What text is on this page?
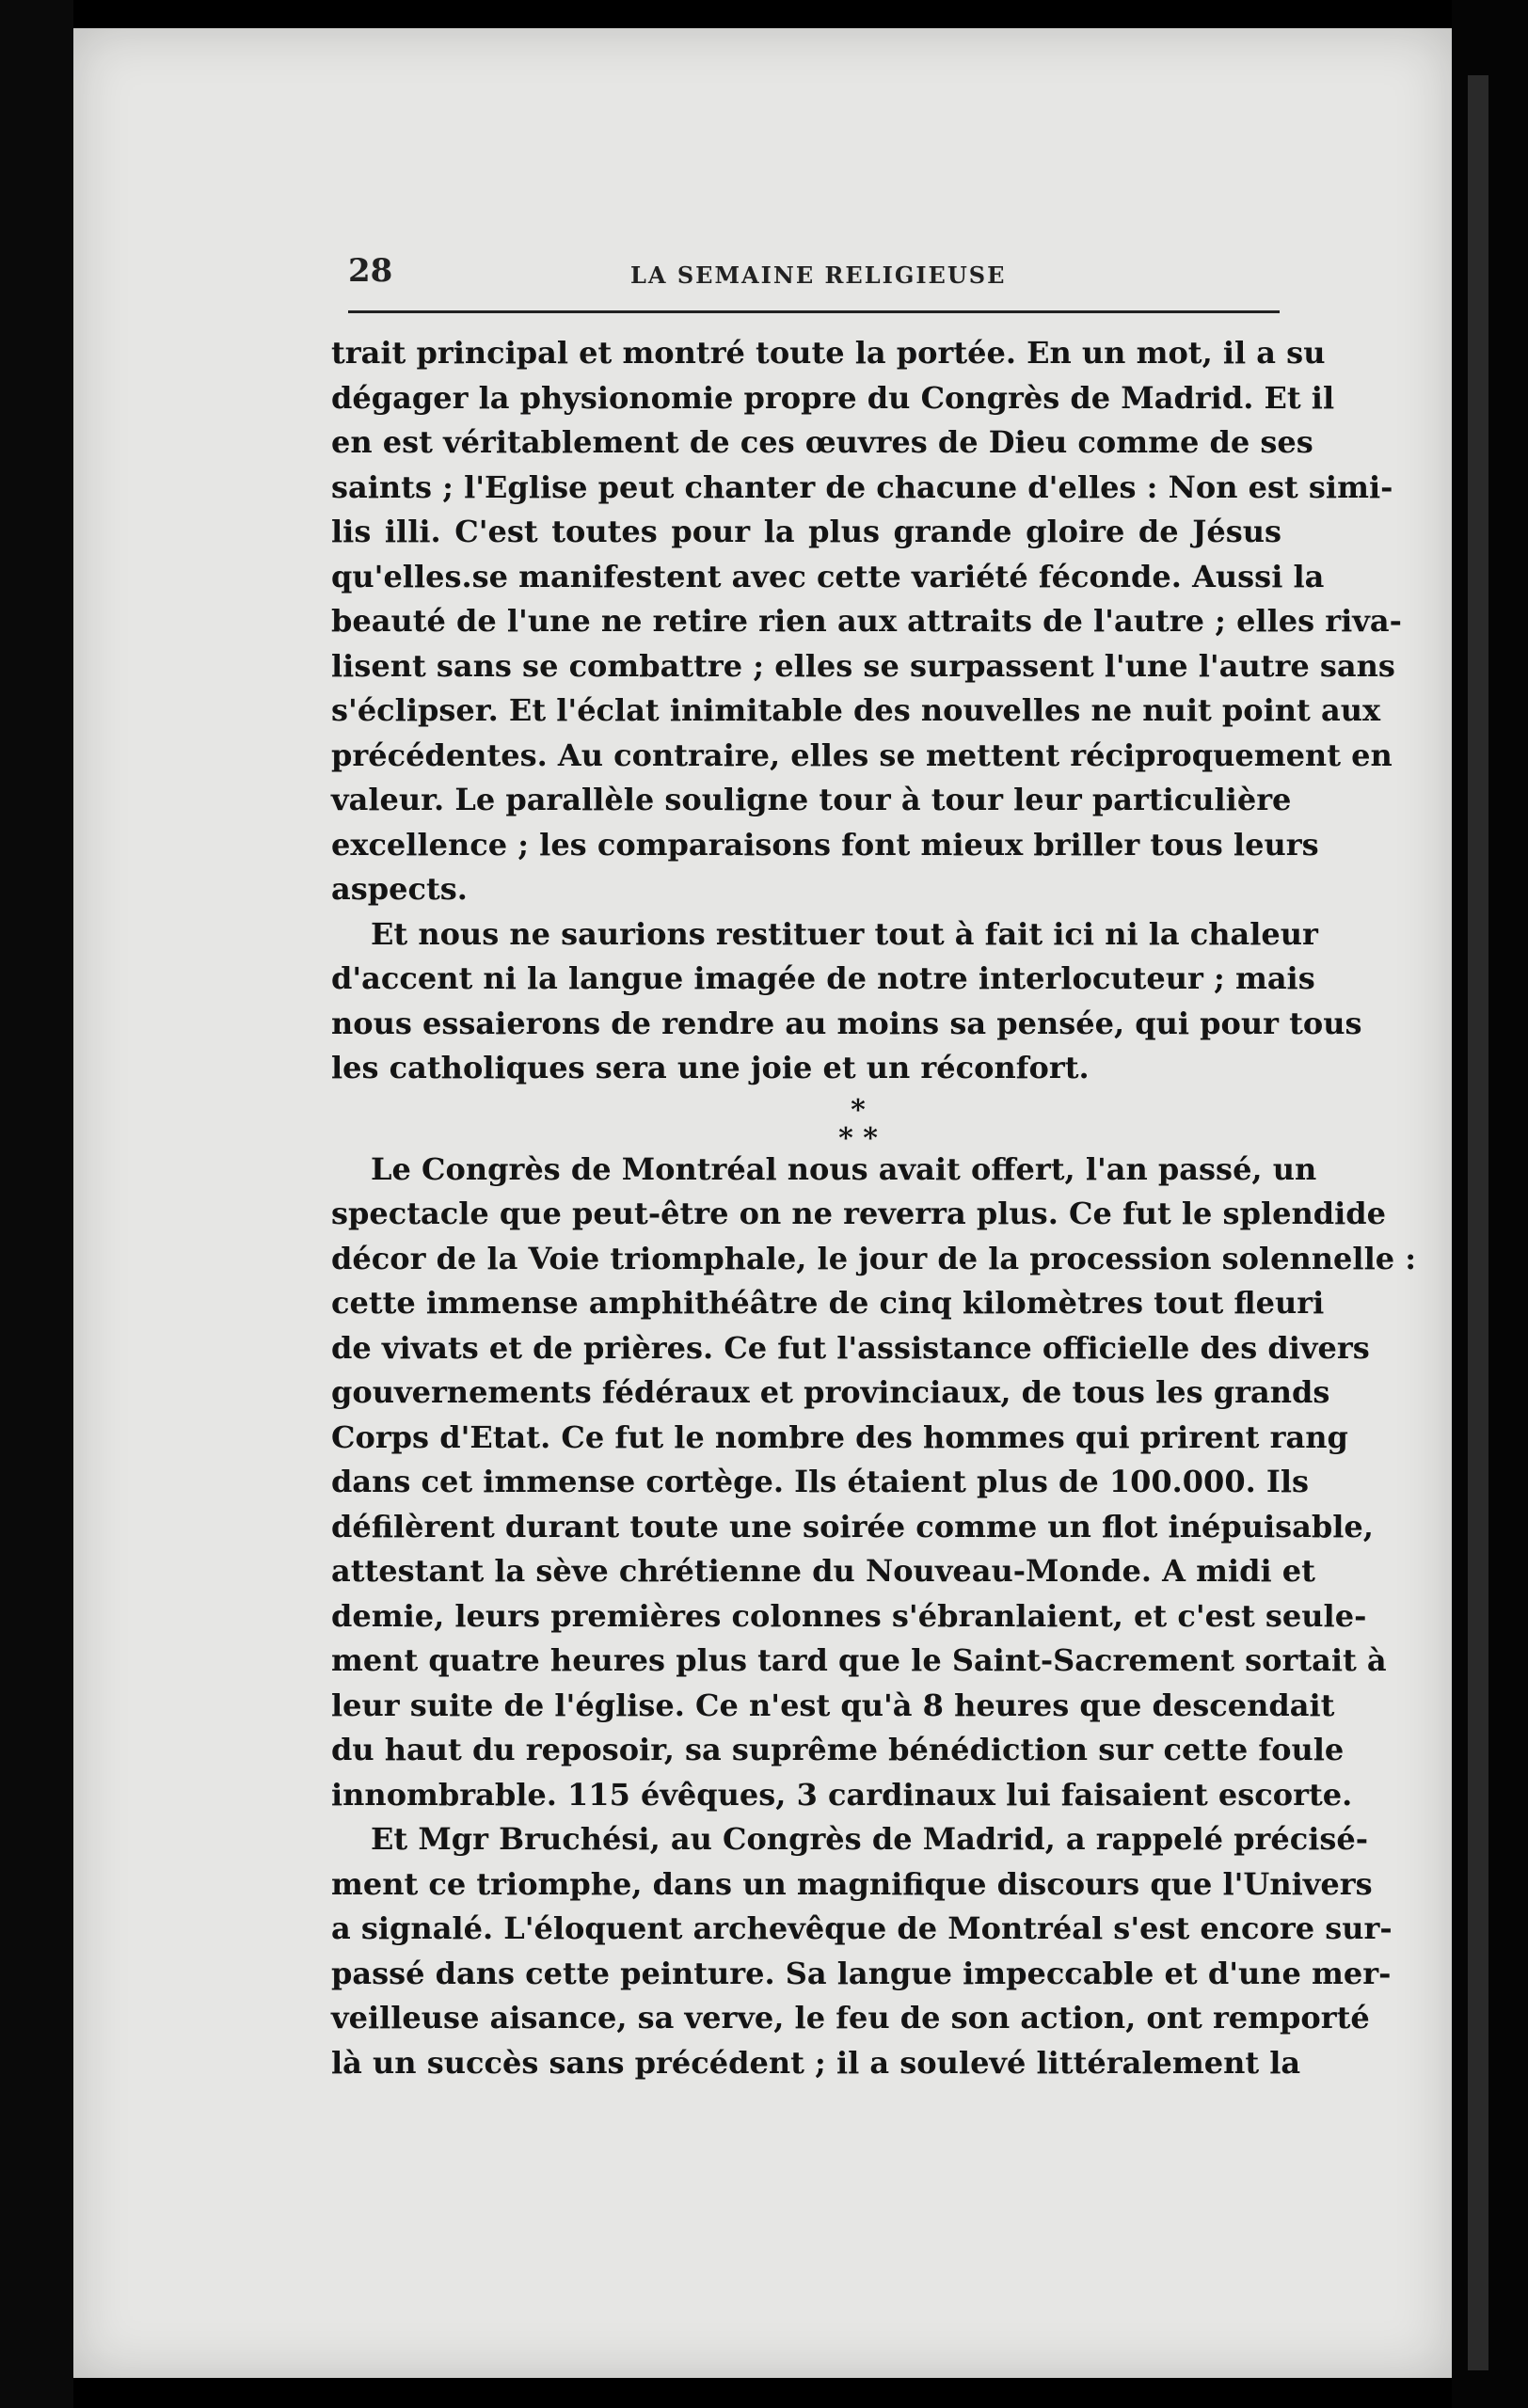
28	LA SEMAINE RELIGIEUSE
trait principal et montré toute la portée. En un mot, il a su
dégager la physionomie propre du Congrès de Madrid. Et il
en est véritablement de ces œuvres de Dieu comme de ses
saints ; l'Eglise peut chanter de chacune d'elles : Non est simi-
lis illi. C'est toutes pour la plus grande gloire de Jésus
qu'elles.se manifestent avec cette variété féconde. Aussi la
beauté de l'une ne retire rien aux attraits de l'autre ; elles riva-
lisent sans se combattre ; elles se surpassent l'une l'autre sans
s'éclipser. Et l'éclat inimitable des nouvelles ne nuit point aux
précédentes. Au contraire, elles se mettent réciproquement en
valeur. Le parallèle souligne tour à tour leur particulière
excellence ; les comparaisons font mieux briller tous leurs
aspects.
Et nous ne saurions restituer tout à fait ici ni la chaleur
d'accent ni la langue imagée de notre interlocuteur ; mais
nous essaierons de rendre au moins sa pensée, qui pour tous
les catholiques sera une joie et un réconfort.
*
* *
Le Congrès de Montréal nous avait offert, l'an passé, un
spectacle que peut-être on ne reverra plus. Ce fut le splendide
décor de la Voie triomphale, le jour de la procession solennelle :
cette immense amphithéâtre de cinq kilomètres tout fleuri
de vivats et de prières. Ce fut l'assistance officielle des divers
gouvernements fédéraux et provinciaux, de tous les grands
Corps d'Etat. Ce fut le nombre des hommes qui prirent rang
dans cet immense cortège. Ils étaient plus de 100.000. Ils
défilèrent durant toute une soirée comme un flot inépuisable,
attestant la sève chrétienne du Nouveau-Monde. A midi et
demie, leurs premières colonnes s'ébranlaient, et c'est seule-
ment quatre heures plus tard que le Saint-Sacrement sortait à
leur suite de l'église. Ce n'est qu'à 8 heures que descendait
du haut du reposoir, sa suprême bénédiction sur cette foule
innombrable. 115 évêques, 3 cardinaux lui faisaient escorte.
Et Mgr Bruchési, au Congrès de Madrid, a rappelé précisé-
ment ce triomphe, dans un magnifique discours que l'Univers
a signalé. L'éloquent archevêque de Montréal s'est encore sur-
passé dans cette peinture. Sa langue impeccable et d'une mer-
veilleuse aisance, sa verve, le feu de son action, ont remporté
là un succès sans précédent ; il a soulevé littéralement la
